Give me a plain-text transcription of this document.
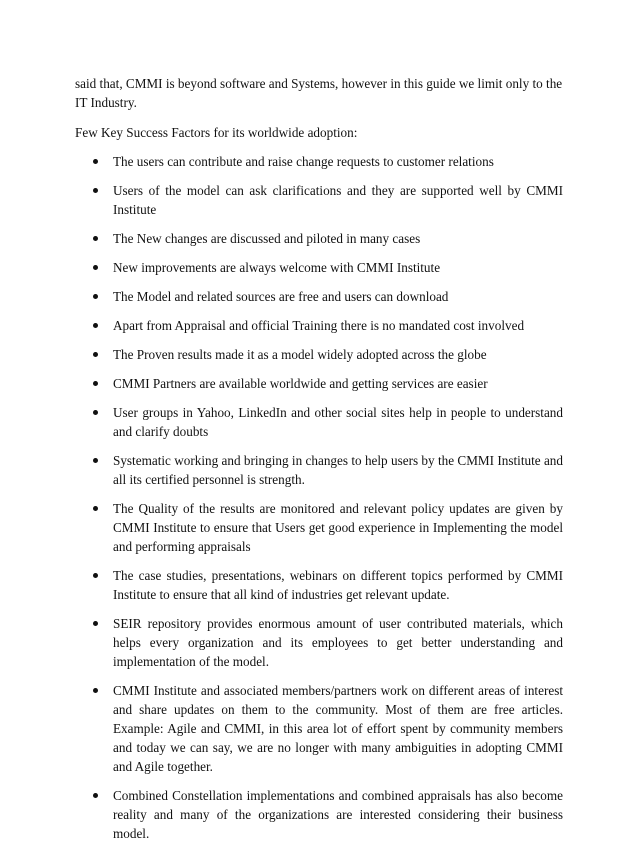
said that, CMMI is beyond software and Systems, however in this guide we limit only to the IT Industry.

Few Key Success Factors for its worldwide adoption:

The users can contribute and raise change requests to customer relations
Users of the model can ask clarifications and they are supported well by CMMI Institute
The New changes are discussed and piloted in many cases
New improvements are always welcome with CMMI Institute
The Model and related sources are free and users can download
Apart from Appraisal and official Training there is no mandated cost involved
The Proven results made it as a model widely adopted across the globe
CMMI Partners are available worldwide and getting services are easier
User groups in Yahoo, LinkedIn and other social sites help in people to understand and clarify doubts
Systematic working and bringing in changes to help users by the CMMI Institute and all its certified personnel is strength.
The Quality of the results are monitored and relevant policy updates are given by CMMI Institute to ensure that Users get good experience in Implementing the model and performing appraisals
The case studies, presentations, webinars on different topics performed by CMMI Institute to ensure that all kind of industries get relevant update.
SEIR repository provides enormous amount of user contributed materials, which helps every organization and its employees to get better understanding and implementation of the model.
CMMI Institute and associated members/partners work on different areas of interest and share updates on them to the community. Most of them are free articles. Example: Agile and CMMI, in this area lot of effort spent by community members and today we can say, we are no longer with many ambiguities in adopting CMMI and Agile together.
Combined Constellation implementations and combined appraisals has also become reality and many of the organizations are interested considering their business model.
